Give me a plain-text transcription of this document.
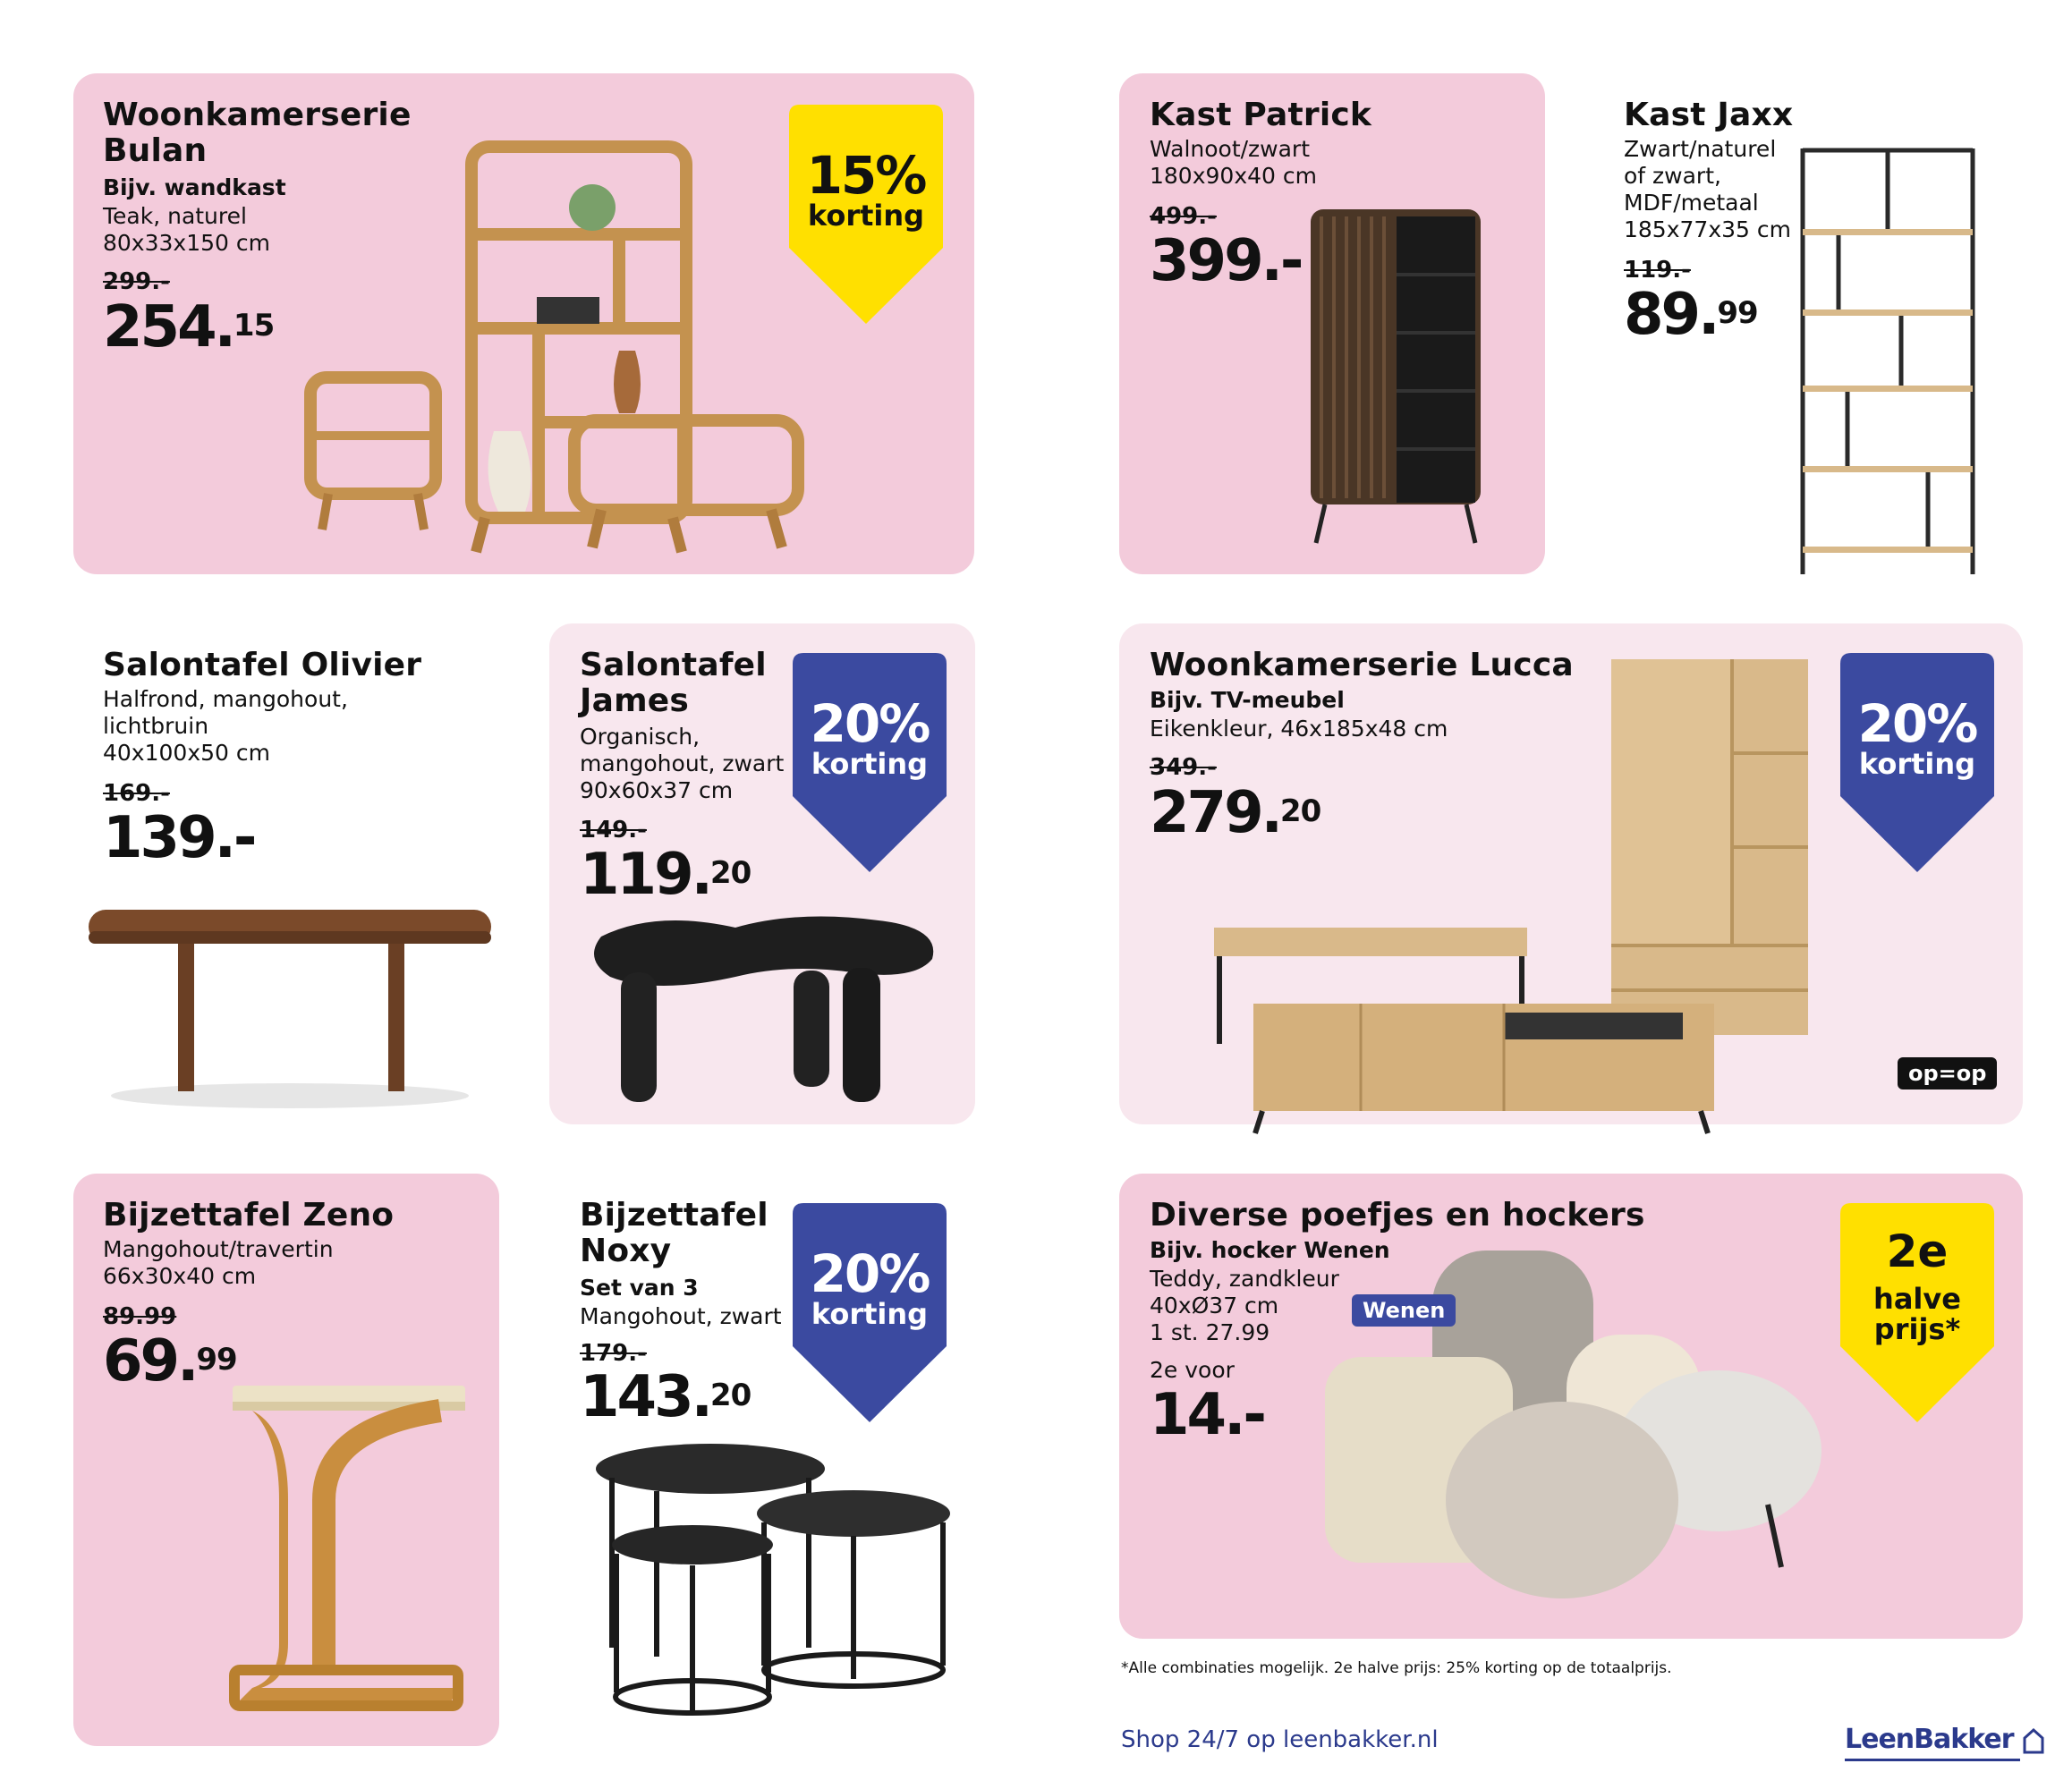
Woonkamerserie
Bulan
Bijv. wandkast
Teak, naturel
80x33x150 cm
299.-
254.15
15%
korting
Kast Patrick
Walnoot/zwart
180x90x40 cm
499.-
399.-
Kast Jaxx
Zwart/naturel
of zwart,
MDF/metaal
185x77x35 cm
119.-
89.99
Salontafel Olivier
Halfrond, mangohout,
lichtbruin
40x100x50 cm
169.-
139.-
Salontafel
James
Organisch,
mangohout, zwart
90x60x37 cm
149.-
119.20
20%
korting
Woonkamerserie Lucca
Bijv. TV-meubel
Eikenkleur, 46x185x48 cm
349.-
279.20
20%
korting
op=op
Bijzettafel Zeno
Mangohout/travertin
66x30x40 cm
89.99
69.99
Bijzettafel
Noxy
Set van 3
Mangohout, zwart
179.-
143.20
20%
korting
Diverse poefjes en hockers
Bijv. hocker Wenen
Teddy, zandkleur
40xØ37 cm
1 st. 27.99
2e voor
14.-
Wenen
2e
halve
prijs*
*Alle combinaties mogelijk. 2e halve prijs: 25% korting op de totaalprijs.
Shop 24/7 op leenbakker.nl	LeenBakker
